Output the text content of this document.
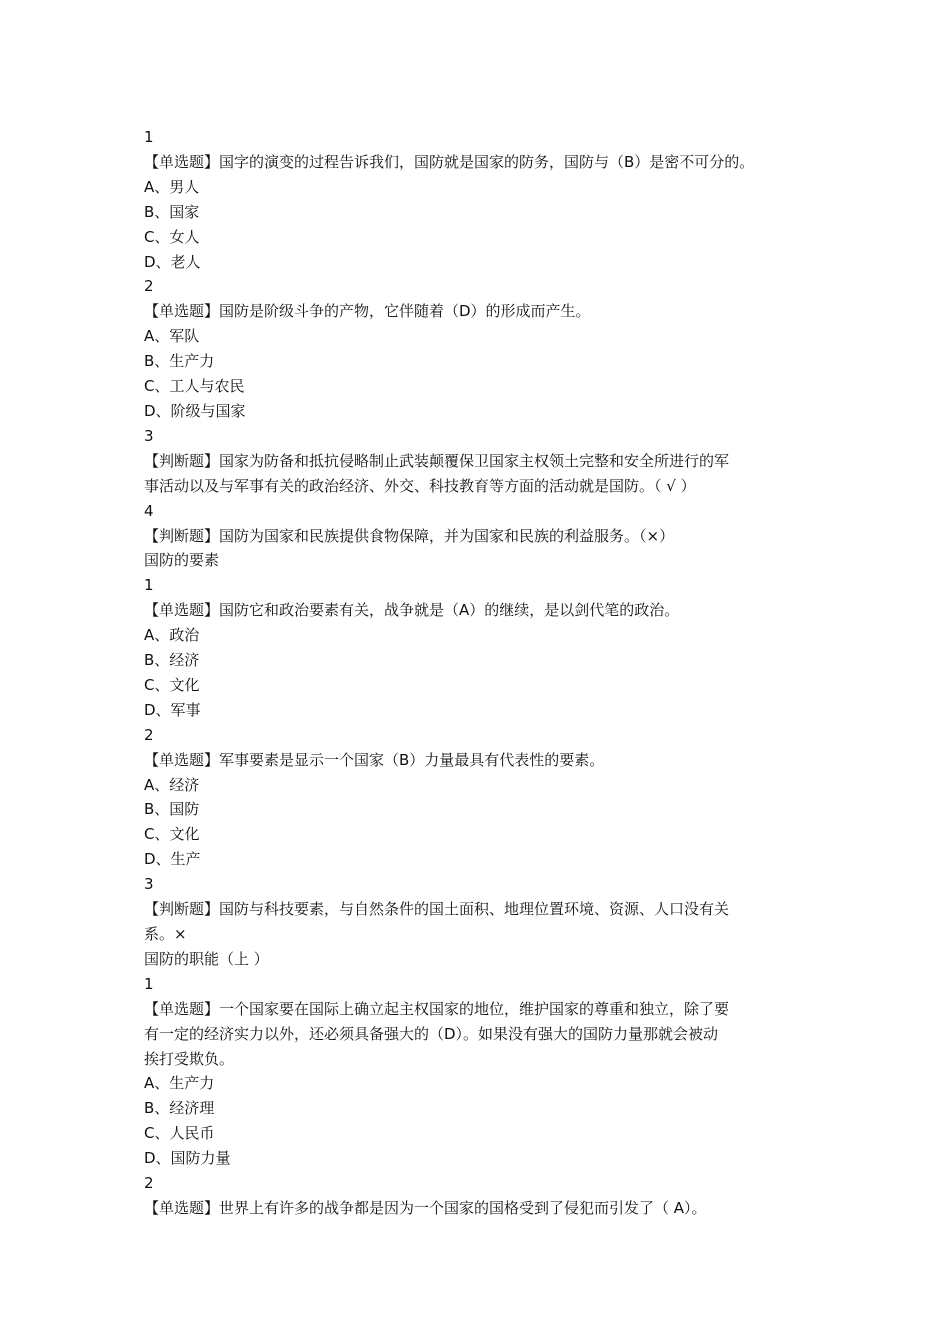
1

【单选题】国字的演变的过程告诉我们，国防就是国家的防务，国防与（B）是密不可分的。

A、男人

B、国家

C、女人

D、老人

2

【单选题】国防是阶级斗争的产物，它伴随着（D）的形成而产生。

A、军队

B、生产力

C、工人与农民

D、阶级与国家

3

【判断题】国家为防备和抵抗侵略制止武装颠覆保卫国家主权领土完整和安全所进行的军

事活动以及与军事有关的政治经济、外交、科技教育等方面的活动就是国防。（ √ ）

4

【判断题】国防为国家和民族提供食物保障，并为国家和民族的利益服务。（×）

国防的要素

1

【单选题】国防它和政治要素有关，战争就是（A）的继续，是以剑代笔的政治。

A、政治

B、经济

C、文化

D、军事

2

【单选题】军事要素是显示一个国家（B）力量最具有代表性的要素。

A、经济

B、国防

C、文化

D、生产

3

【判断题】国防与科技要素，与自然条件的国土面积、地理位置环境、资源、人口没有关

系。×

国防的职能（上 ）

1

【单选题】一个国家要在国际上确立起主权国家的地位，维护国家的尊重和独立，除了要

有一定的经济实力以外，还必须具备强大的（D）。如果没有强大的国防力量那就会被动

挨打受欺负。

A、生产力

B、经济理

C、人民币

D、国防力量

2

【单选题】世界上有许多的战争都是因为一个国家的国格受到了侵犯而引发了（ A）。
